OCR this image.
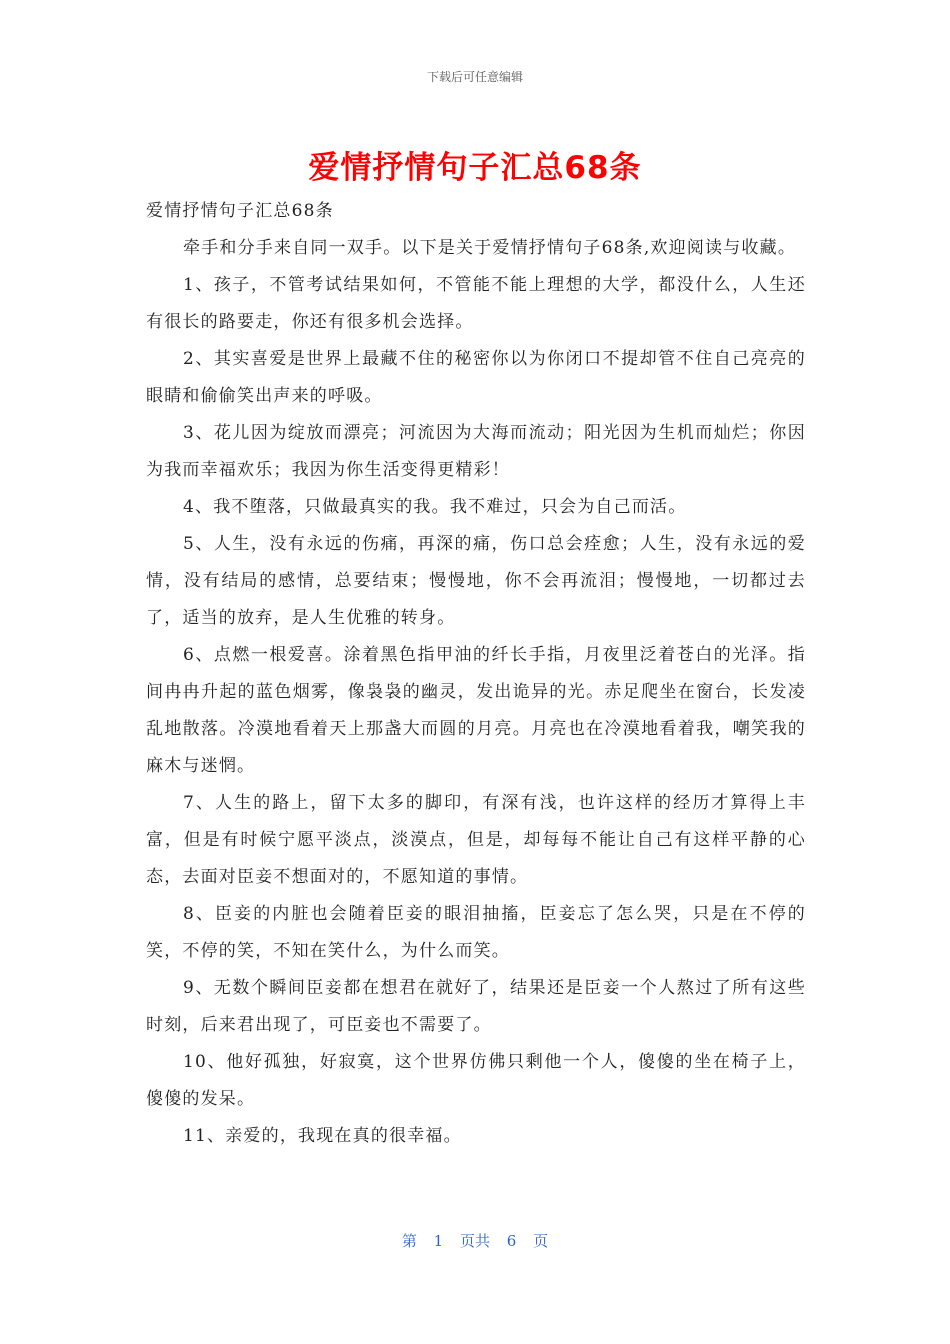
下载后可任意编辑
爱情抒情句子汇总68条

爱情抒情句子汇总68条

牵手和分手来自同一双手。以下是关于爱情抒情句子68条,欢迎阅读与收藏。

1、孩子，不管考试结果如何，不管能不能上理想的大学，都没什么，人生还有很长的路要走，你还有很多机会选择。

2、其实喜爱是世界上最藏不住的秘密你以为你闭口不提却管不住自己亮亮的眼睛和偷偷笑出声来的呼吸。

3、花儿因为绽放而漂亮；河流因为大海而流动；阳光因为生机而灿烂；你因为我而幸福欢乐；我因为你生活变得更精彩！

4、我不堕落，只做最真实的我。我不难过，只会为自己而活。

5、人生，没有永远的伤痛，再深的痛，伤口总会痊愈；人生，没有永远的爱情，没有结局的感情，总要结束；慢慢地，你不会再流泪；慢慢地，一切都过去了，适当的放弃，是人生优雅的转身。

6、点燃一根爱喜。涂着黑色指甲油的纤长手指，月夜里泛着苍白的光泽。指间冉冉升起的蓝色烟雾，像袅袅的幽灵，发出诡异的光。赤足爬坐在窗台，长发凌乱地散落。冷漠地看着天上那盏大而圆的月亮。月亮也在冷漠地看着我，嘲笑我的麻木与迷惘。

7、人生的路上，留下太多的脚印，有深有浅，也许这样的经历才算得上丰富，但是有时候宁愿平淡点，淡漠点，但是，却每每不能让自己有这样平静的心态，去面对臣妾不想面对的，不愿知道的事情。

8、臣妾的内脏也会随着臣妾的眼泪抽搐，臣妾忘了怎么哭，只是在不停的笑，不停的笑，不知在笑什么，为什么而笑。

9、无数个瞬间臣妾都在想君在就好了，结果还是臣妾一个人熬过了所有这些时刻，后来君出现了，可臣妾也不需要了。

10、他好孤独，好寂寞，这个世界仿佛只剩他一个人，傻傻的坐在椅子上，傻傻的发呆。

11、亲爱的，我现在真的很幸福。

第 1 页共 6 页
